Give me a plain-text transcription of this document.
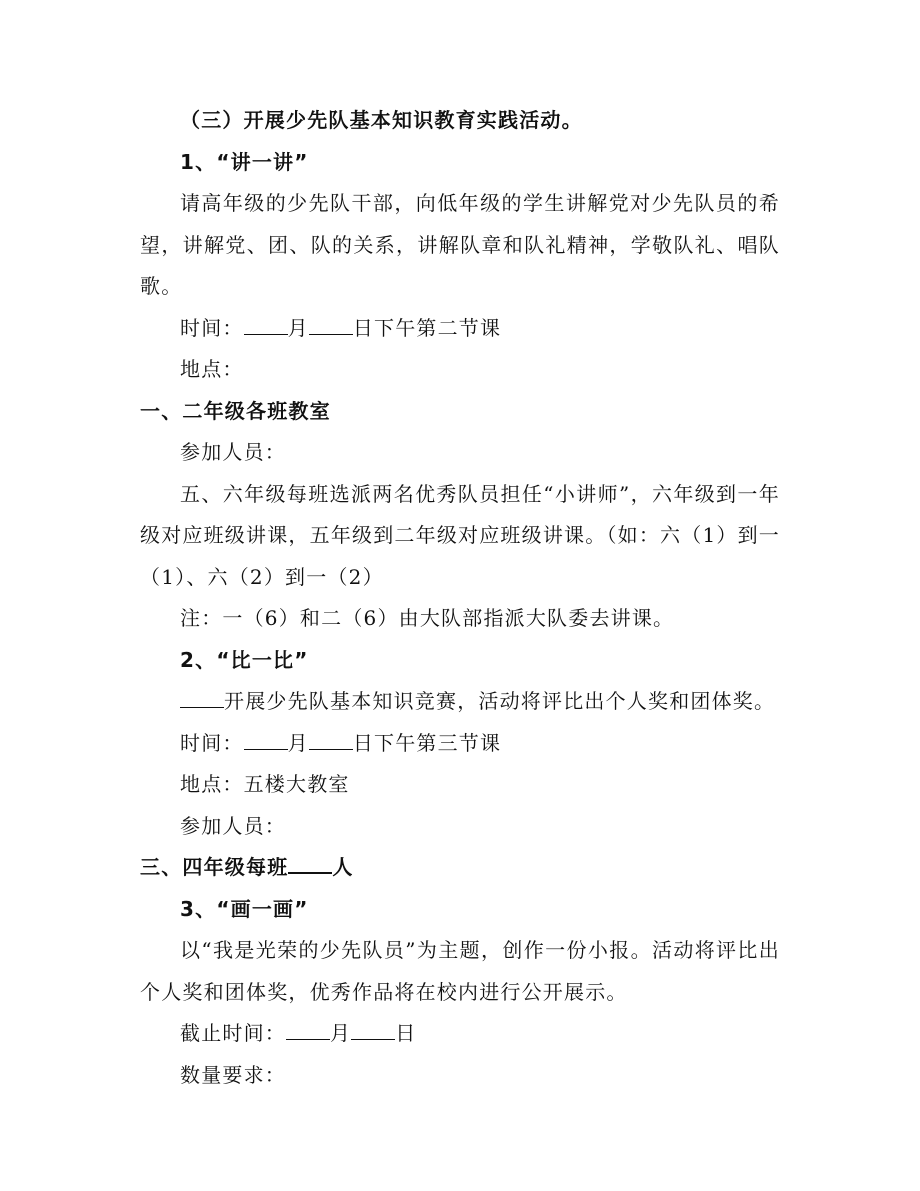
（三）开展少先队基本知识教育实践活动。

1、“讲一讲”

请高年级的少先队干部，向低年级的学生讲解党对少先队员的希望，讲解党、团、队的关系，讲解队章和队礼精神，学敬队礼、唱队歌。

时间： 月 日下午第二节课

地点：

一、二年级各班教室

参加人员：

五、六年级每班选派两名优秀队员担任“小讲师”，六年级到一年级对应班级讲课，五年级到二年级对应班级讲课。（如：六（1）到一（1）、六（2）到一（2）

注：一（6）和二（6）由大队部指派大队委去讲课。

2、“比一比”

开展少先队基本知识竞赛，活动将评比出个人奖和团体奖。

时间： 月 日下午第三节课

地点：五楼大教室

参加人员：

三、四年级每班 人

3、“画一画”

以“我是光荣的少先队员”为主题，创作一份小报。活动将评比出个人奖和团体奖，优秀作品将在校内进行公开展示。

截止时间： 月 日

数量要求：
